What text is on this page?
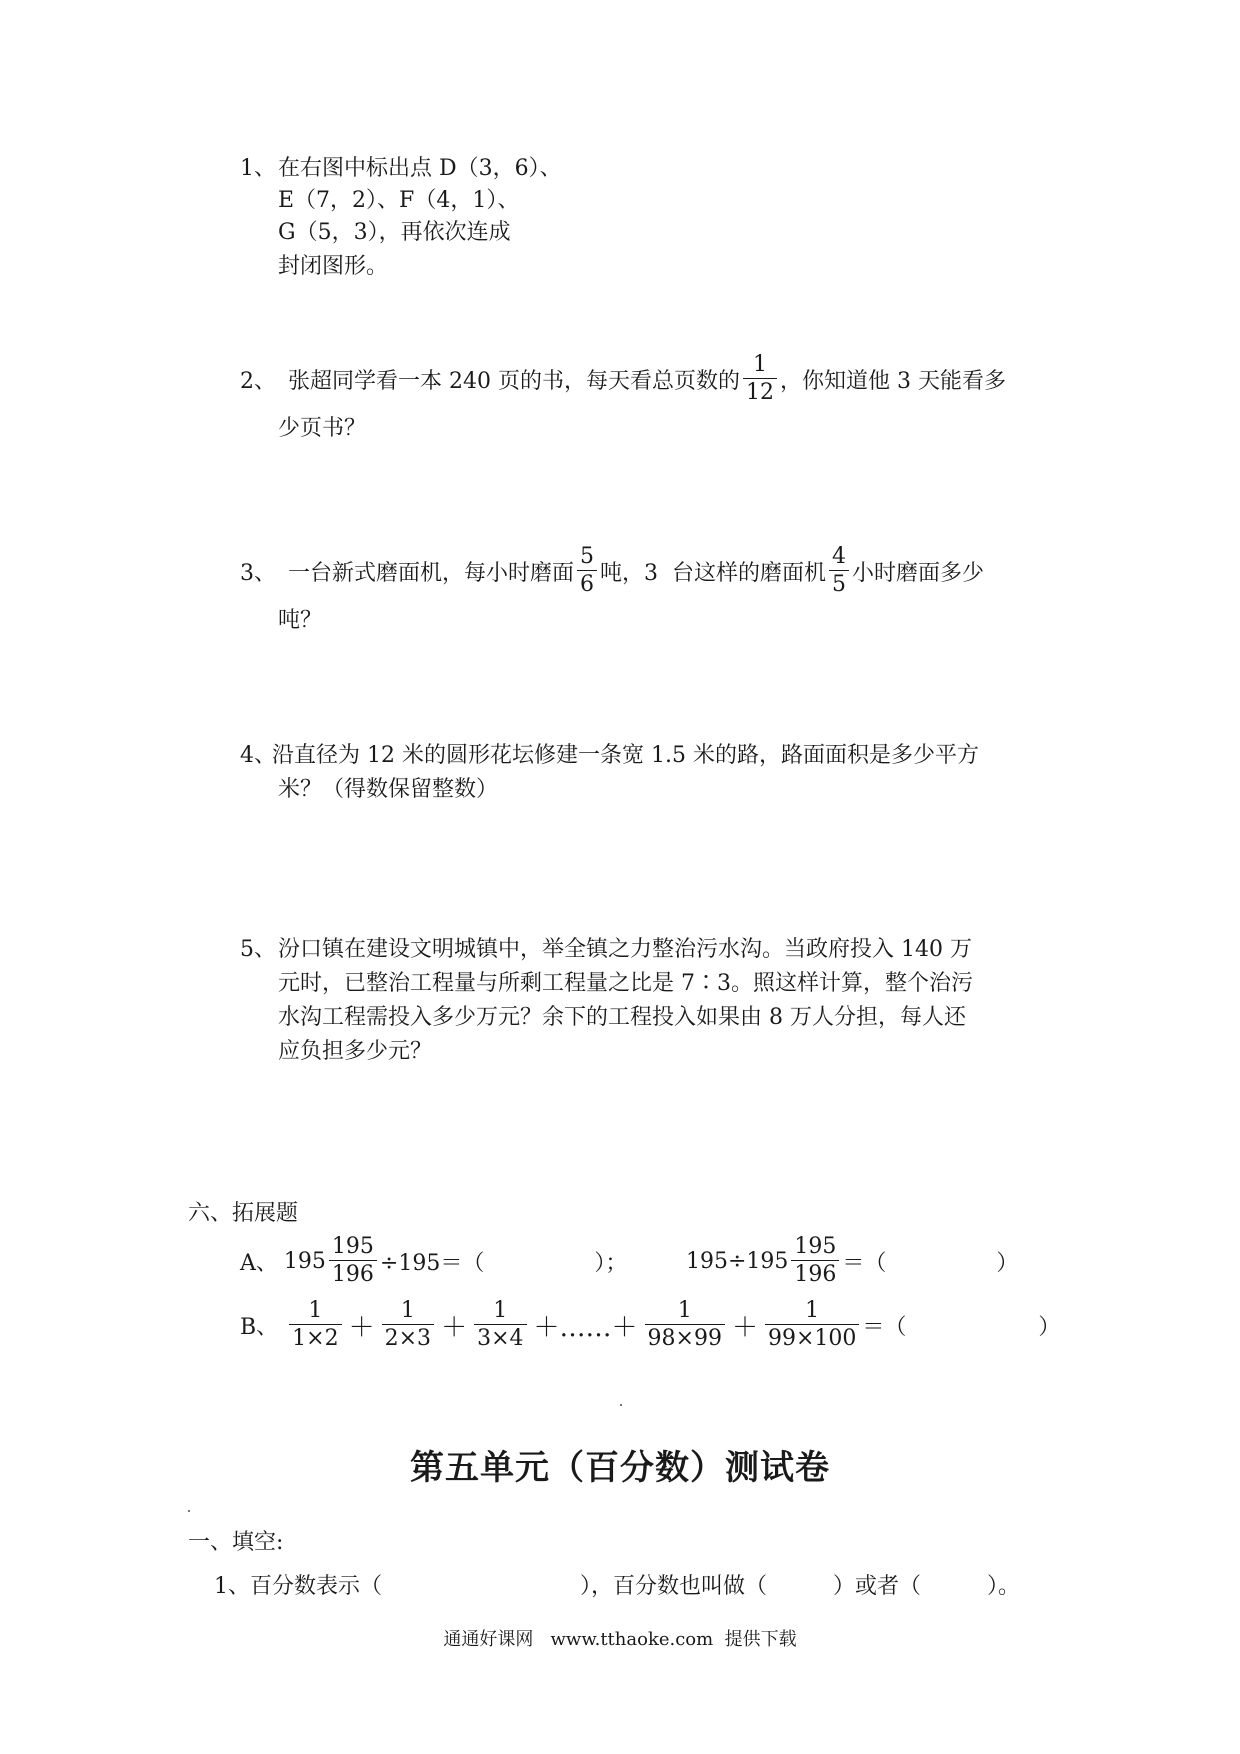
1、 在右图中标出点 D（3，6）、
E（7，2）、F（4，1）、
G（5，3），再依次连成
封闭图形。
2、 张超同学看一本 240 页的书，每天看总页数的 $\frac{1}{12}$ ，你知道他 3 天能看多
少页书？
3、 一台新式磨面机，每小时磨面 $\frac{5}{6}$ 吨，3  台这样的磨面机 $\frac{4}{5}$ 小时磨面多少
吨？
4、
沿直径为 12 米的圆形花坛修建一条宽 1.5 米的路，路面面积是多少平方
米？（得数保留整数）
5、 汾口镇在建设文明城镇中，举全镇之力整治污水沟。当政府投入 140 万
元时，已整治工程量与所剩工程量之比是 7∶3。照这样计算，整个治污
水沟工程需投入多少万元？余下的工程投入如果由 8 万人分担，每人还
应负担多少元？
六、拓展题
A、 $195 \frac{195}{196} \div 195=$（　　　　　）；	$195\div 195 \frac{195}{196}$ ＝（　　　　　）
B、 $\frac{1}{1\times 2} + \frac{1}{2\times 3} + \frac{1}{3\times 4}$ ＋……＋ $\frac{1}{98\times 99} + \frac{1}{99\times 100}$ ＝（　　　　　　）
第五单元（百分数）测试卷
一、填空:
1、百分数表示（　　　　　　　　　），百分数也叫做（　　　）或者（　　　）。
通通好课网   www.tthaoke.com  提供下载
